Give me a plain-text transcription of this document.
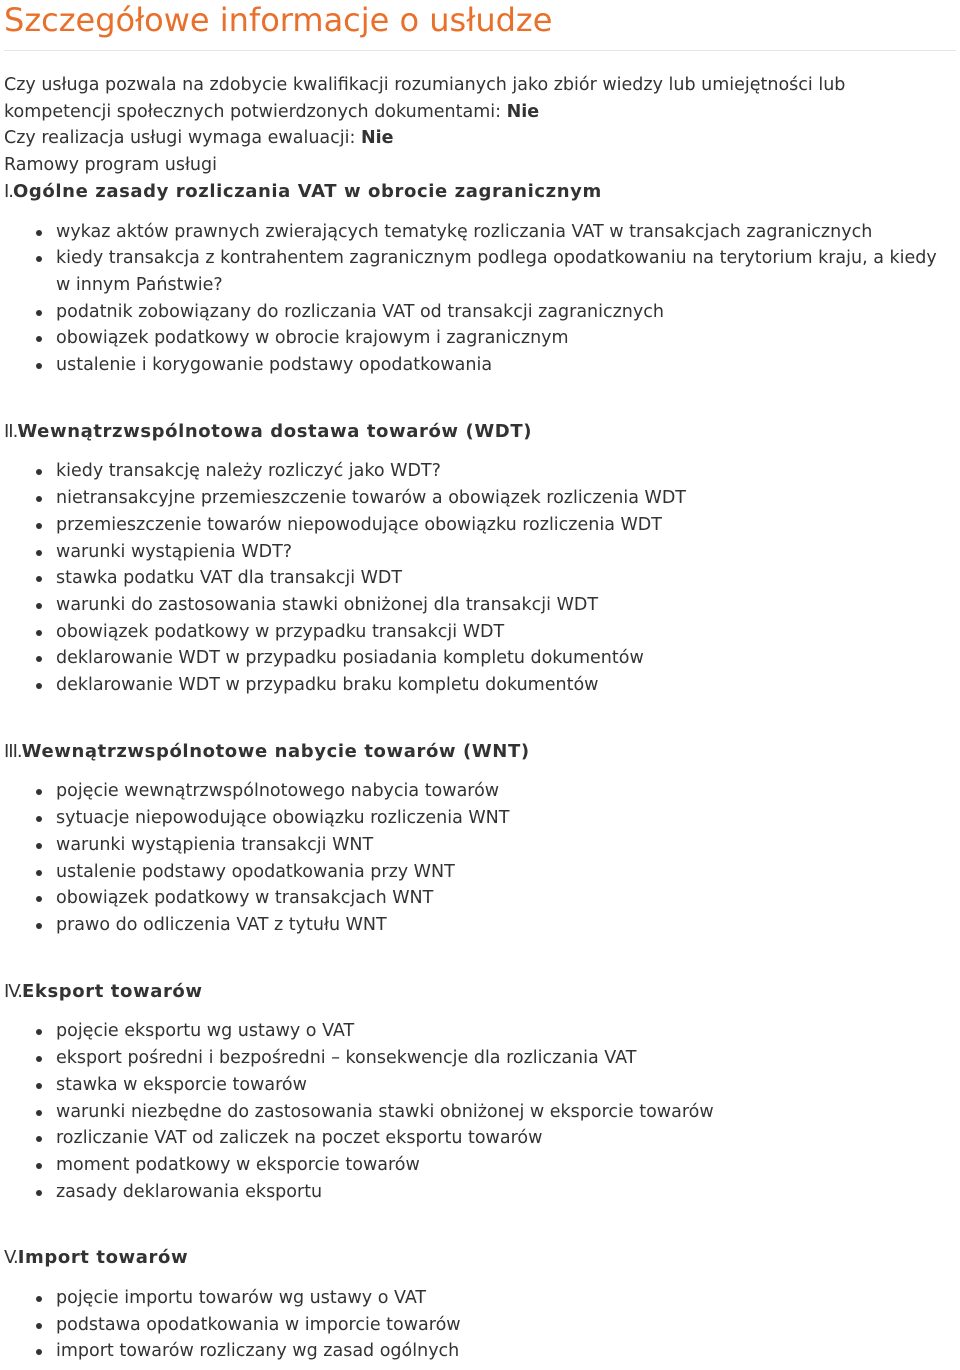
Szczegółowe informacje o usłudze

Czy usługa pozwala na zdobycie kwalifikacji rozumianych jako zbiór wiedzy lub umiejętności lub kompetencji społecznych potwierdzonych dokumentami: Nie

Czy realizacja usługi wymaga ewaluacji: Nie

Ramowy program usługi

I.Ogólne zasady rozliczania VAT w obrocie zagranicznym
wykaz aktów prawnych zwierających tematykę rozliczania VAT w transakcjach zagranicznych
kiedy transakcja z kontrahentem zagranicznym podlega opodatkowaniu na terytorium kraju, a kiedy w innym Państwie?
podatnik zobowiązany do rozliczania VAT od transakcji zagranicznych
obowiązek podatkowy w obrocie krajowym i zagranicznym
ustalenie i korygowanie podstawy opodatkowania
II.Wewnątrzwspólnotowa dostawa towarów (WDT)
kiedy transakcję należy rozliczyć jako WDT?
nietransakcyjne przemieszczenie towarów a obowiązek rozliczenia WDT
przemieszczenie towarów niepowodujące obowiązku rozliczenia WDT
warunki wystąpienia WDT?
stawka podatku VAT dla transakcji WDT
warunki do zastosowania stawki obniżonej dla transakcji WDT
obowiązek podatkowy w przypadku transakcji WDT
deklarowanie WDT w przypadku posiadania kompletu dokumentów
deklarowanie WDT w przypadku braku kompletu dokumentów
III.Wewnątrzwspólnotowe nabycie towarów (WNT)
pojęcie wewnątrzwspólnotowego nabycia towarów
sytuacje niepowodujące obowiązku rozliczenia WNT
warunki wystąpienia transakcji WNT
ustalenie podstawy opodatkowania przy WNT
obowiązek podatkowy w transakcjach WNT
prawo do odliczenia VAT z tytułu WNT
IV.Eksport towarów
pojęcie eksportu wg ustawy o VAT
eksport pośredni i bezpośredni – konsekwencje dla rozliczania VAT
stawka w eksporcie towarów
warunki niezbędne do zastosowania stawki obniżonej w eksporcie towarów
rozliczanie VAT od zaliczek na poczet eksportu towarów
moment podatkowy w eksporcie towarów
zasady deklarowania eksportu
V.Import towarów
pojęcie importu towarów wg ustawy o VAT
podstawa opodatkowania w imporcie towarów
import towarów rozliczany wg zasad ogólnych
